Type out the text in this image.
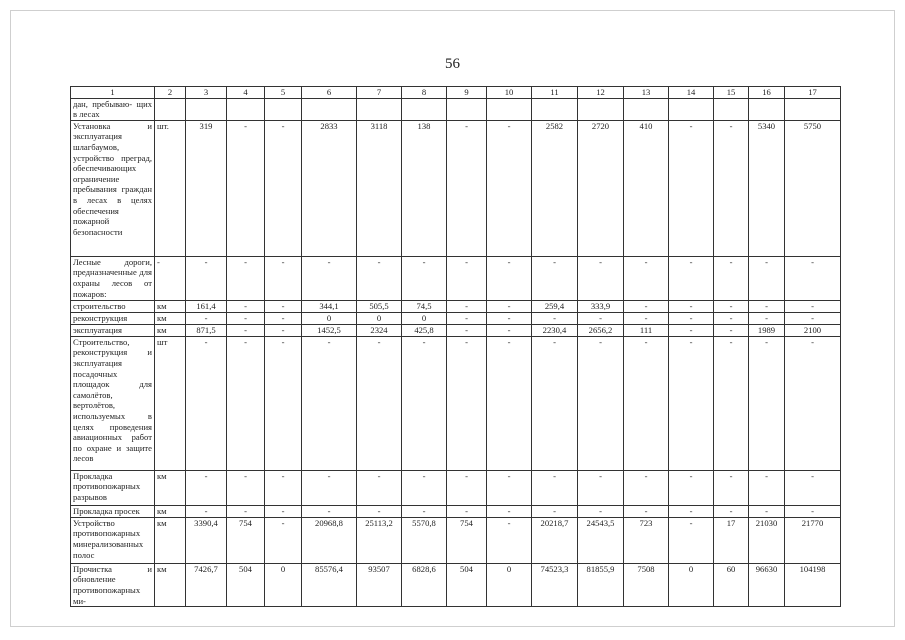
56
1	2	3	4	5	6	7	8	9	10	11	12	13	14	15	16	17
дан, пребываю- щих в лесах																
Установка и эксплуатация шлагбаумов, устройство преград, обеспечивающих ограничение пребывания граждан в лесах в целях обеспечения пожарной безопасности	шт.	319	-	-	2833	3118	138	-	-	2582	2720	410	-	-	5340	5750
Лесные дороги, предназначенные для охраны лесов от пожаров:	-	-	-	-	-	-	-	-	-	-	-	-	-	-	-	-
строительство	км	161,4	-	-	344,1	505,5	74,5	-	-	259,4	333,9	-	-	-	-	-
реконструкция	км	-	-	-	0	0	0	-	-	-	-	-	-	-	-	-
эксплуатация	км	871,5	-	-	1452,5	2324	425,8	-	-	2230,4	2656,2	111	-	-	1989	2100
Строительство, реконструкция и эксплуатация посадочных площадок для самолётов, вертолётов, используемых в целях проведения авиационных работ по охране и защите лесов	шт	-	-	-	-	-	-	-	-	-	-	-	-	-	-	-
Прокладка противопожарных разрывов	км	-	-	-	-	-	-	-	-	-	-	-	-	-	-	-
Прокладка просек	км	-	-	-	-	-	-	-	-	-	-	-	-	-	-	-
Устройство противопожарных минерализованных полос	км	3390,4	754	-	20968,8	25113,2	5570,8	754	-	20218,7	24543,5	723	-	17	21030	21770
Прочистка и обновление противопожарных ми-	км	7426,7	504	0	85576,4	93507	6828,6	504	0	74523,3	81855,9	7508	0	60	96630	104198
